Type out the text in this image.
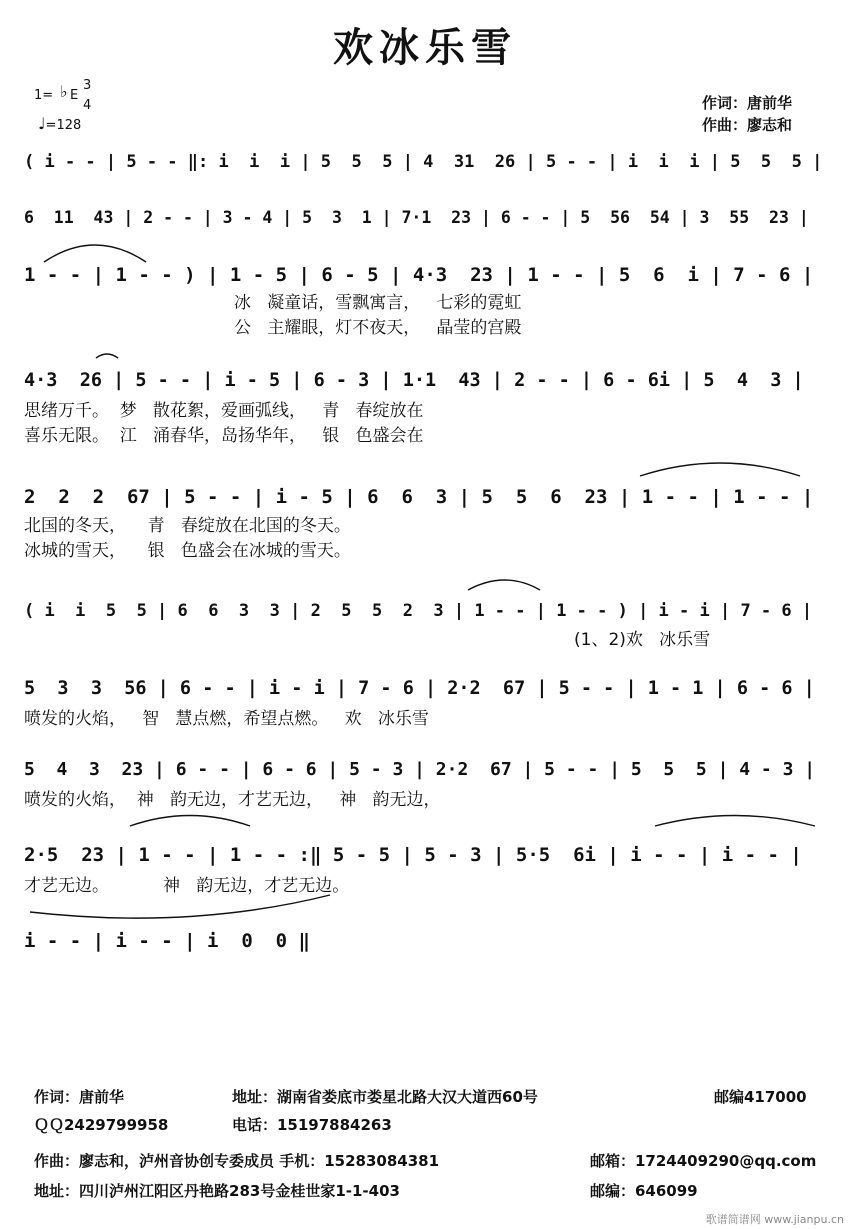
欢冰乐雪
1= ♭ E
3
4
♩=128
作词：唐前华
作曲：廖志和
( i - - | 5 - - ‖: i  i  i | 5  5  5 | 4  31  26 | 5 - - | i  i  i | 5  5  5 |
6  11  43 | 2 - - | 3 - 4 | 5  3  1 | 7·1  23 | 6 - - | 5  56  54 | 3  55  23 |
1 - - | 1 - - ) | 1 - 5 | 6 - 5 | 4·3  23 | 1 - - | 5  6  i | 7 - 6 |
冰   凝童话，雪飘寓言，   七彩的霓虹
公   主耀眼，灯不夜天，   晶莹的宫殿
4·3  26 | 5 - - | i - 5 | 6 - 3 | 1·1  43 | 2 - - | 6 - 6i | 5  4  3 |
思绪万千。  梦   散花絮，爱画弧线，   青   春绽放在
喜乐无限。  江   涌春华，岛扬华年，   银   色盛会在
2  2  2  67 | 5 - - | i - 5 | 6  6  3 | 5  5  6  23 | 1 - - | 1 - - |
北国的冬天，    青   春绽放在北国的冬天。
冰城的雪天，    银   色盛会在冰城的雪天。
( i  i  5  5 | 6  6  3  3 | 2  5  5  2  3 | 1 - - | 1 - - ) | i - i | 7 - 6 |
(1、2)欢   冰乐雪
5  3  3  56 | 6 - - | i - i | 7 - 6 | 2·2  67 | 5 - - | 1 - 1 | 6 - 6 |
喷发的火焰，   智   慧点燃，希望点燃。   欢   冰乐雪
5  4  3  23 | 6 - - | 6 - 6 | 5 - 3 | 2·2  67 | 5 - - | 5  5  5 | 4 - 3 |
喷发的火焰，  神   韵无边，才艺无边，   神   韵无边，
2·5  23 | 1 - - | 1 - - :‖ 5 - 5 | 5 - 3 | 5·5  6i | i - - | i - - |
才艺无边。          神   韵无边，才艺无边。
i - - | i - - | i  0  0 ‖
作词：唐前华	地址：湖南省娄底市娄星北路大汉大道西60号	邮编417000
ＱＱ2429799958	电话：15197884263
作曲：廖志和，泸州音协创专委成员 手机：15283084381	邮箱：1724409290@qq.com
地址：四川泸州江阳区丹艳路283号金桂世家1-1-403	邮编：646099
歌谱简谱网 www.jianpu.cn
